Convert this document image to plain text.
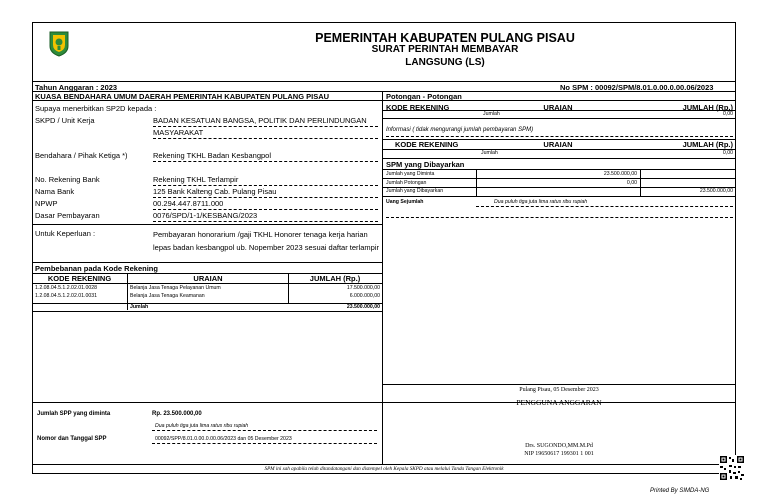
PEMERINTAH KABUPATEN PULANG PISAU
SURAT PERINTAH MEMBAYAR
LANGSUNG (LS)
Tahun Anggaran : 2023	No SPM : 00092/SPM/8.01.0.00.0.00.06/2023
KUASA BENDAHARA UMUM DAERAH PEMERINTAH KABUPATEN PULANG PISAU
Supaya menerbitkan SP2D kepada :
SKPD / Unit Kerja	BADAN KESATUAN BANGSA, POLITIK DAN PERLINDUNGAN MASYARAKAT
Bendahara / Pihak Ketiga *)	Rekening TKHL Badan Kesbangpol
No. Rekening Bank	Rekening TKHL Terlampir
Nama Bank	125 Bank Kalteng Cab. Pulang Pisau
NPWP	00.294.447.8711.000
Dasar Pembayaran	0076/SPD/1-1/KESBANG/2023
Untuk Keperluan :	Pembayaran honorarium /gaji TKHL Honorer tenaga kerja harian lepas badan kesbangpol ub. Nopember 2023 sesuai daftar terlampir
Pembebanan pada Kode Rekening
KODE REKENING	URAIAN	JUMLAH (Rp.)
1.2.08.04.5.1.2.02.01.0028	Belanja Jasa Tenaga Pelayanan Umum	17.500.000,00
1.2.08.04.5.1.2.02.01.0031	Belanja Jasa Tenaga Keamanan	6.000.000,00
Jumlah	23.500.000,00
Jumlah SPP yang diminta	Rp. 23.500.000,00
Dua puluh tiga juta lima ratus ribu rupiah
Nomor dan Tanggal SPP	00092/SPP/8.01.0.00.0.00.06/2023 dan 05 Desember 2023
Potongan - Potongan
KODE REKENING	URAIAN	JUMLAH (Rp.)
Jumlah	0,00
Informasi ( tidak mengurangi jumlah pembayaran SPM)
KODE REKENING	URAIAN	JUMLAH (Rp.)
Jumlah	0,00
SPM yang Dibayarkan
Jumlah yang Diminta	23.500.000,00
Jumlah Potongan	0,00
Jumlah yang Dibayarkan	23.500.000,00
Uang Sejumlah	Dua puluh tiga juta lima ratus ribu rupiah
Pulang Pisau, 05 Desember 2023
PENGGUNA ANGGARAN
Drs. SUGONDO,MM.M.Pd
NIP 19650617 199301 1 001
SPM ini sah apabila telah ditandatangani dan distempel oleh Kepala SKPD atau melalui Tanda Tangan Elektronik
Printed By SIMDA-NG
